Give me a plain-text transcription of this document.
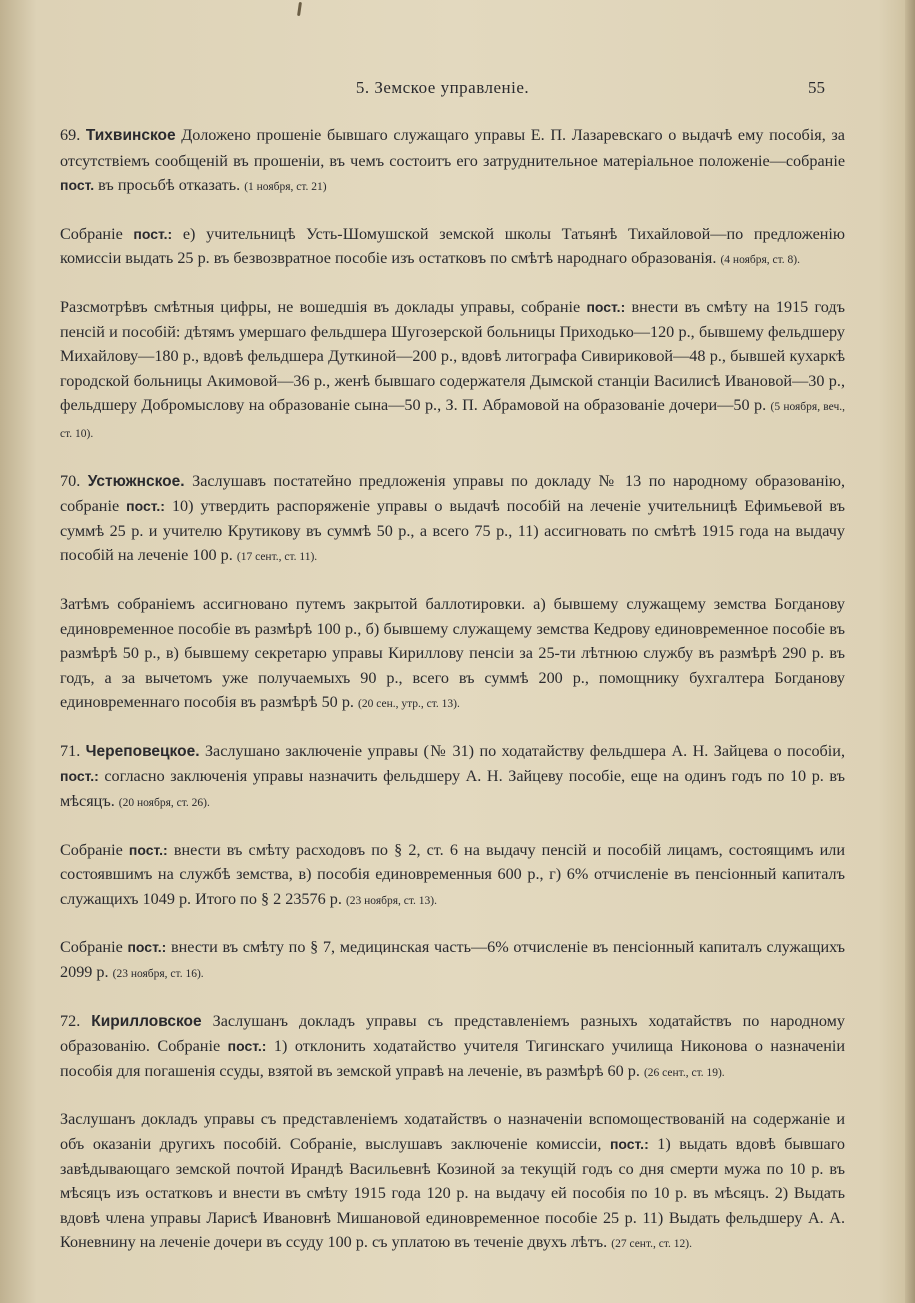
5. Земское управленіе.	55

69. Тихвинское Доложено прошеніе бывшаго служащаго управы Е. П. Лазаревскаго о выдачѣ ему пособія, за отсутствіемъ сообщеній въ прошеніи, въ чемъ состоитъ его затруднительное матеріальное положеніе—собраніе пост. въ просьбѣ отказать. (1 ноября, ст. 21)

Собраніе пост.: е) учительницѣ Усть-Шомушской земской школы Татьянѣ Тихайловой—по предложенію комиссіи выдать 25 р. въ безвозвратное пособіе изъ остатковъ по смѣтѣ народнаго образованія. (4 ноября, ст. 8).

Разсмотрѣвъ смѣтныя цифры, не вошедшія въ доклады управы, собраніе пост.: внести въ смѣту на 1915 годъ пенсій и пособій: дѣтямъ умершаго фельдшера Шугозерской больницы Приходько—120 р., бывшему фельдшеру Михайлову—180 р., вдовѣ фельдшера Дуткиной—200 р., вдовѣ литографа Сивириковой—48 р., бывшей кухаркѣ городской больницы Акимовой—36 р., женѣ бывшаго содержателя Дымской станціи Василисѣ Ивановой—30 р., фельдшеру Добромыслову на образованіе сына—50 р., З. П. Абрамовой на образованіе дочери—50 р. (5 ноября, веч., ст. 10).

70. Устюжнское. Заслушавъ постатейно предложенія управы по докладу № 13 по народному образованію, собраніе пост.: 10) утвердить распоряженіе управы о выдачѣ пособій на леченіе учительницѣ Ефимьевой въ суммѣ 25 р. и учителю Крутикову въ суммѣ 50 р., а всего 75 р., 11) ассигновать по смѣтѣ 1915 года на выдачу пособій на леченіе 100 р. (17 сент., ст. 11).

Затѣмъ собраніемъ ассигновано путемъ закрытой баллотировки. а) бывшему служащему земства Богданову единовременное пособіе въ размѣрѣ 100 р., б) бывшему служащему земства Кедрову единовременное пособіе въ размѣрѣ 50 р., в) бывшему секретарю управы Кириллову пенсіи за 25-ти лѣтнюю службу въ размѣрѣ 290 р. въ годъ, а за вычетомъ уже получаемыхъ 90 р., всего въ суммѣ 200 р., помощнику бухгалтера Богданову единовременнаго пособія въ размѣрѣ 50 р. (20 сен., утр., ст. 13).

71. Череповецкое. Заслушано заключеніе управы (№ 31) по ходатайству фельдшера А. Н. Зайцева о пособіи, пост.: согласно заключенія управы назначить фельдшеру А. Н. Зайцеву пособіе, еще на одинъ годъ по 10 р. въ мѣсяцъ. (20 ноября, ст. 26).

Собраніе пост.: внести въ смѣту расходовъ по § 2, ст. 6 на выдачу пенсій и пособій лицамъ, состоящимъ или состоявшимъ на службѣ земства, в) пособія единовременныя 600 р., г) 6% отчисленіе въ пенсіонный капиталъ служащихъ 1049 р. Итого по § 2 23576 р. (23 ноября, ст. 13).

Собраніе пост.: внести въ смѣту по § 7, медицинская часть—6% отчисленіе въ пенсіонный капиталъ служащихъ 2099 р. (23 ноября, ст. 16).

72. Кирилловское Заслушанъ докладъ управы съ представленіемъ разныхъ ходатайствъ по народному образованію. Собраніе пост.: 1) отклонить ходатайство учителя Тигинскаго училища Никонова о назначеніи пособія для погашенія ссуды, взятой въ земской управѣ на леченіе, въ размѣрѣ 60 р. (26 сент., ст. 19).

Заслушанъ докладъ управы съ представленіемъ ходатайствъ о назначеніи вспомоществованій на содержаніе и объ оказаніи другихъ пособій. Собраніе, выслушавъ заключеніе комиссіи, пост.: 1) выдать вдовѣ бывшаго завѣдывающаго земской почтой Ирандѣ Васильевнѣ Козиной за текущій годъ со дня смерти мужа по 10 р. въ мѣсяцъ изъ остатковъ и внести въ смѣту 1915 года 120 р. на выдачу ей пособія по 10 р. въ мѣсяцъ. 2) Выдать вдовѣ члена управы Ларисѣ Ивановнѣ Мишановой единовременное пособіе 25 р. 11) Выдать фельдшеру А. А. Коневнину на леченіе дочери въ ссуду 100 р. съ уплатою въ теченіе двухъ лѣтъ. (27 сент., ст. 12).
